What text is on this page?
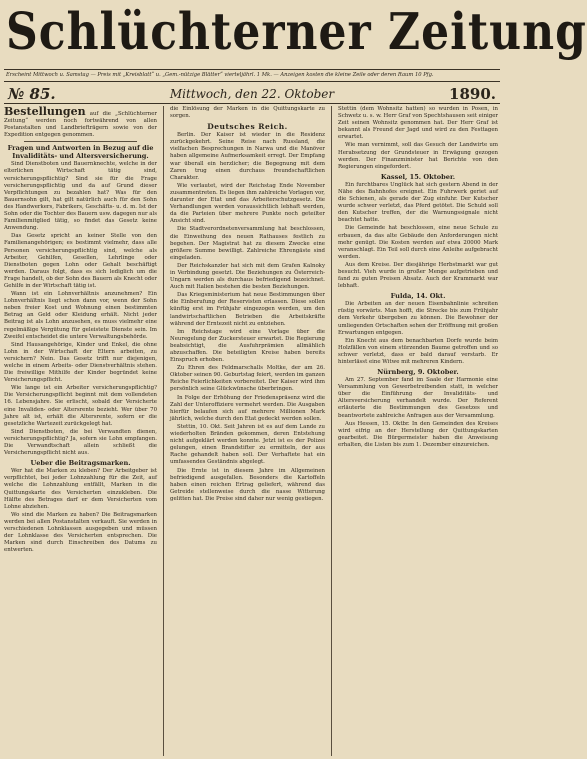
Schlüchterner Zeitung
Erscheint Mittwoch u. Samstag — Preis mit „Kreisblatt“ u. „Gem.-nützige Blätter“ vierteljährl. 1 Mk. — Anzeigen kosten die kleine Zeile oder deren Raum 10 Pfg.
№ 85.	Mittwoch, den 22. Oktober	1890.

Bestellungen auf die „Schlüchterner Zeitung“ werden noch fortwährend von allen Postanstalten und Landbriefträgern sowie von der Expedition entgegen genommen.

Fragen und Antworten in Bezug auf die Invaliditäts- und Altersversicherung.

Sind Dienstboten und Bauernknechte, welche in der elterlichen Wirtschaft tätig sind, versicherungspflichtig? Sind sie für die Frage versicherungspflichtig und da auf Grund dieser Verpflichtungen zu bezahlen hat? Was für den Bauernsohn gilt, hat gilt natürlich auch für den Sohn des Handwerkers, Fabrikers, Geschäfts- u. d. m. Ist der Sohn oder die Tochter des Bauern usw. dagegen nur als Familienmitglied tätig, so findet das Gesetz keine Anwendung.

Das Gesetz spricht an keiner Stelle von den Familienangehörigen; es bestimmt vielmehr, dass alle Personen versicherungspflichtig sind, welche als Arbeiter, Gehilfen, Gesellen, Lehrlinge oder Dienstboten gegen Lohn oder Gehalt beschäftigt werden. Daraus folgt, dass es sich lediglich um die Frage handelt, ob der Sohn des Bauern als Knecht oder Gehilfe in der Wirtschaft tätig ist.

Wann ist ein Lohnverhältnis anzunehmen? Ein Lohnverhältnis liegt schon dann vor, wenn der Sohn neben freier Kost und Wohnung einen bestimmten Betrag an Geld oder Kleidung erhält. Nicht jeder Beitrag ist als Lohn anzusehen, es muss vielmehr eine regelmäßige Vergütung für geleistete Dienste sein. Im Zweifel entscheidet die untere Verwaltungsbehörde.

Sind Hausangehörige, Kinder und Enkel, die ohne Lohn in der Wirtschaft der Eltern arbeiten, zu versichern? Nein. Das Gesetz trifft nur diejenigen, welche in einem Arbeits- oder Dienstverhältnis stehen. Die freiwillige Mithilfe der Kinder begründet keine Versicherungspflicht.

Wie lange ist ein Arbeiter versicherungspflichtig? Die Versicherungspflicht beginnt mit dem vollendeten 16. Lebensjahre. Sie erlischt, sobald der Versicherte eine Invaliden- oder Altersrente bezieht. Wer über 70 Jahre alt ist, erhält die Altersrente, sofern er die gesetzliche Wartezeit zurückgelegt hat.

Sind Dienstboten, die bei Verwandten dienen, versicherungspflichtig? Ja, sofern sie Lohn empfangen. Die Verwandtschaft allein schließt die Versicherungspflicht nicht aus.

Ueber die Beitragsmarken.

Wer hat die Marken zu kleben? Der Arbeitgeber ist verpflichtet, bei jeder Lohnzahlung für die Zeit, auf welche die Lohnzahlung entfällt, Marken in die Quittungskarte des Versicherten einzukleben. Die Hälfte des Betrages darf er dem Versicherten vom Lohne abziehen.

Wo sind die Marken zu haben? Die Beitragsmarken werden bei allen Postanstalten verkauft. Sie werden in verschiedenen Lohnklassen ausgegeben und müssen der Lohnklasse des Versicherten entsprechen. Die Marken sind durch Einschreiben des Datums zu entwerten.

die Einlösung der Marken in die Quittungskarte zu sorgen.

Deutsches Reich.

Berlin. Der Kaiser ist wieder in die Residenz zurückgekehrt. Seine Reise nach Russland, die vielfachen Besprechungen in Narwa und die Manöver haben allgemeine Aufmerksamkeit erregt. Der Empfang war überall ein herzlicher; die Begegnung mit dem Zaren trug einen durchaus freundschaftlichen Charakter.

Wie verlautet, wird der Reichstag Ende November zusammentreten. Es liegen ihm zahlreiche Vorlagen vor, darunter der Etat und das Arbeiterschutzgesetz. Die Verhandlungen werden voraussichtlich lebhaft werden, da die Parteien über mehrere Punkte noch geteilter Ansicht sind.

Die Stadtverordnetenversammlung hat beschlossen, die Einweihung des neuen Rathauses festlich zu begehen. Der Magistrat hat zu diesem Zwecke eine größere Summe bewilligt. Zahlreiche Ehrengäste sind eingeladen.

Der Reichskanzler hat sich mit dem Grafen Kalnoky in Verbindung gesetzt. Die Beziehungen zu Österreich-Ungarn werden als durchaus befriedigend bezeichnet. Auch mit Italien bestehen die besten Beziehungen.

Das Kriegsministerium hat neue Bestimmungen über die Einberufung der Reservisten erlassen. Diese sollen künftig erst im Frühjahr eingezogen werden, um den landwirtschaftlichen Betrieben die Arbeitskräfte während der Erntezeit nicht zu entziehen.

Im Reichstage wird eine Vorlage über die Neuregelung der Zuckersteuer erwartet. Die Regierung beabsichtigt, die Ausfuhrprämien allmählich abzuschaffen. Die beteiligten Kreise haben bereits Einspruch erhoben.

Zu Ehren des Feldmarschalls Moltke, der am 26. Oktober seinen 90. Geburtstag feiert, werden im ganzen Reiche Feierlichkeiten vorbereitet. Der Kaiser wird ihm persönlich seine Glückwünsche überbringen.

In Folge der Erhöhung der Friedenspräsenz wird die Zahl der Unteroffiziere vermehrt werden. Die Ausgaben hierfür belaufen sich auf mehrere Millionen Mark jährlich, welche durch den Etat gedeckt werden sollen.

Stettin, 10. Okt. Seit Jahren ist es auf dem Lande zu wiederholten Bränden gekommen, deren Entstehung nicht aufgeklärt werden konnte. Jetzt ist es der Polizei gelungen, einen Brandstifter zu ermitteln, der aus Rache gehandelt haben soll. Der Verhaftete hat ein umfassendes Geständnis abgelegt.

Die Ernte ist in diesem Jahre im Allgemeinen befriedigend ausgefallen. Besonders die Kartoffeln haben einen reichen Ertrag geliefert, während das Getreide stellenweise durch die nasse Witterung gelitten hat. Die Preise sind daher nur wenig gestiegen.

Stettin (dem Wohnsitz hatten) so wurden in Posen, in Schwetz u. s. w. Herr Graf von Spechtshausen seit einiger Zeit seinen Wohnsitz genommen hat. Der Herr Graf ist bekannt als Freund der Jagd und wird zu den Festtagen erwartet.

Wie man vernimmt, soll das Gesuch der Landwirte um Herabsetzung der Grundsteuer in Erwägung gezogen werden. Der Finanzminister hat Berichte von den Regierungen eingefordert.

Kassel, 15. Oktober.

Ein furchtbares Unglück hat sich gestern Abend in der Nähe des Bahnhofes ereignet. Ein Fuhrwerk geriet auf die Schienen, als gerade der Zug einfuhr. Der Kutscher wurde schwer verletzt, das Pferd getötet. Die Schuld soll den Kutscher treffen, der die Warnungssignale nicht beachtet hatte.

Die Gemeinde hat beschlossen, eine neue Schule zu erbauen, da das alte Gebäude den Anforderungen nicht mehr genügt. Die Kosten werden auf etwa 20000 Mark veranschlagt. Ein Teil soll durch eine Anleihe aufgebracht werden.

Aus dem Kreise. Der diesjährige Herbstmarkt war gut besucht. Vieh wurde in großer Menge aufgetrieben und fand zu guten Preisen Absatz. Auch der Krammarkt war lebhaft.

Fulda, 14. Okt.

Die Arbeiten an der neuen Eisenbahnlinie schreiten rüstig vorwärts. Man hofft, die Strecke bis zum Frühjahr dem Verkehr übergeben zu können. Die Bewohner der umliegenden Ortschaften sehen der Eröffnung mit großen Erwartungen entgegen.

Ein Knecht aus dem benachbarten Dorfe wurde beim Holzfällen von einem stürzenden Baume getroffen und so schwer verletzt, dass er bald darauf verstarb. Er hinterlässt eine Witwe mit mehreren Kindern.

Nürnberg, 9. Oktober.

Am 27. September fand im Saale der Harmonie eine Versammlung von Gewerbetreibenden statt, in welcher über die Einführung der Invaliditäts- und Altersversicherung verhandelt wurde. Der Referent erläuterte die Bestimmungen des Gesetzes und beantwortete zahlreiche Anfragen aus der Versammlung.

Aus Hessen, 15. Oktbr. In den Gemeinden des Kreises wird eifrig an der Herstellung der Quittungskarten gearbeitet. Die Bürgermeister haben die Anweisung erhalten, die Listen bis zum 1. Dezember einzureichen.
